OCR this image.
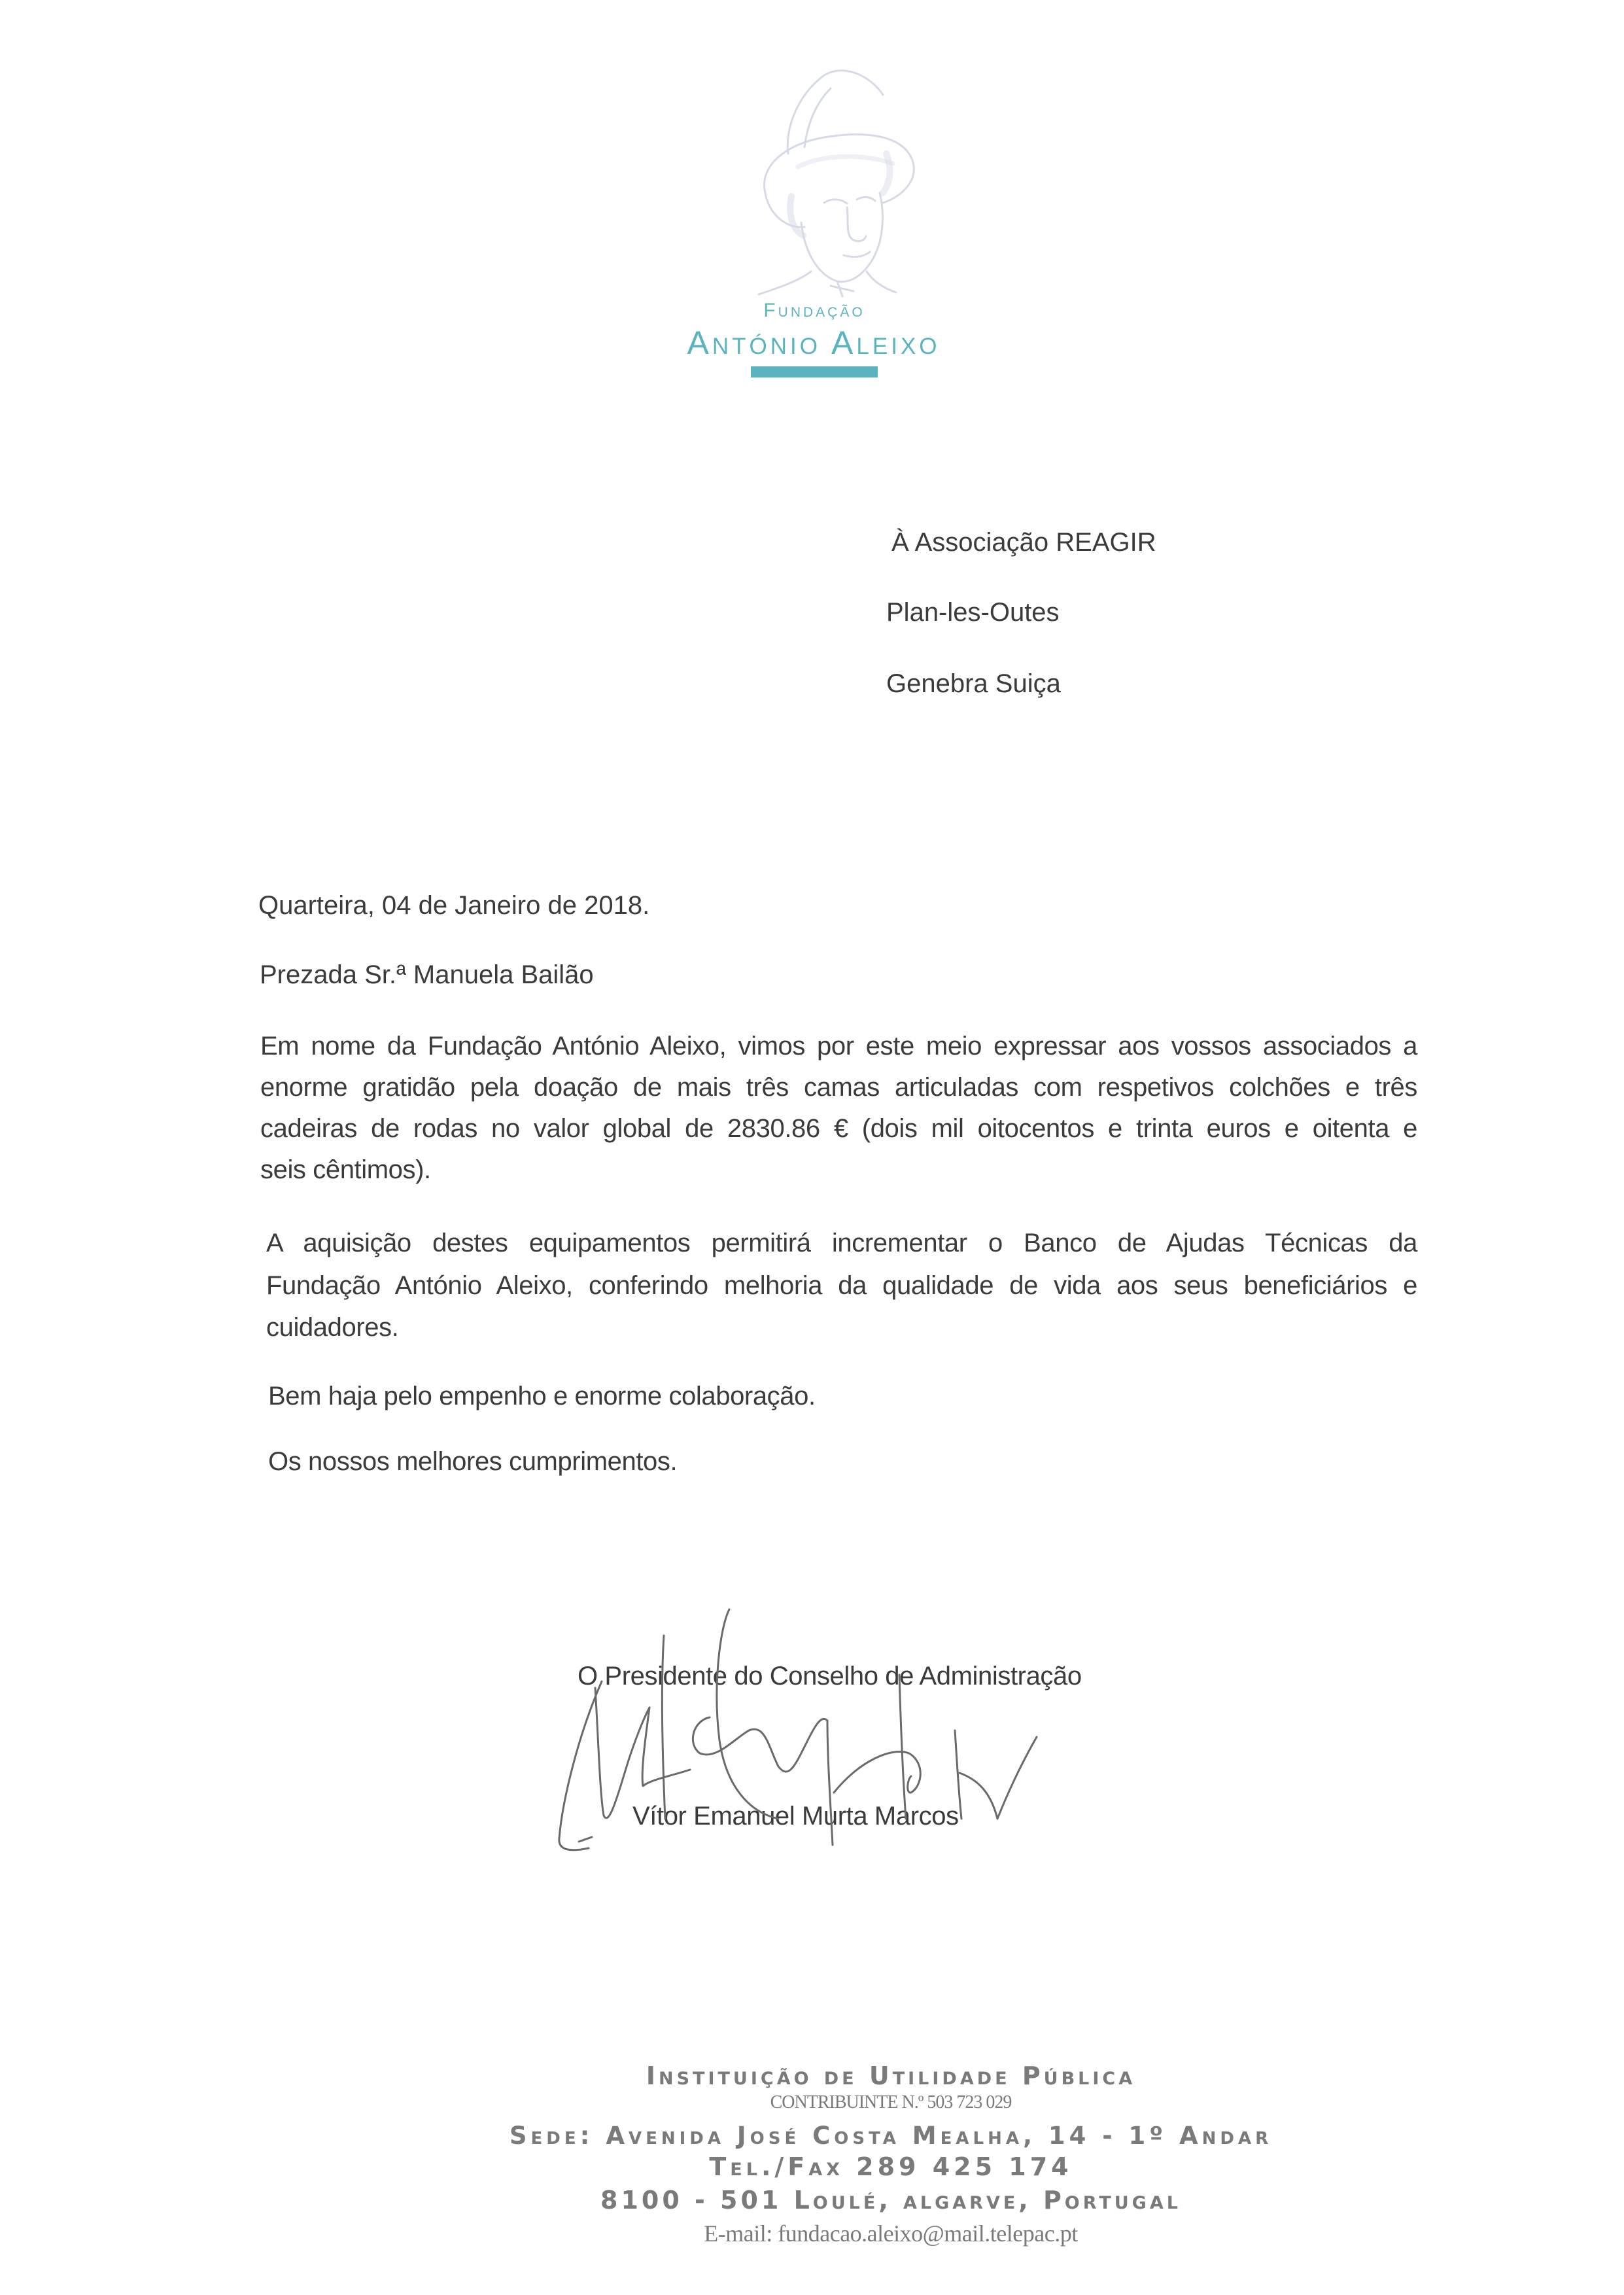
Fundação
António Aleixo
À Associação REAGIR
Plan-les-Outes
Genebra Suiça
Quarteira, 04 de Janeiro de 2018.
Prezada Sr.ª Manuela Bailão
Em nome da Fundação António Aleixo, vimos por este meio expressar aos vossos associados a
enorme gratidão pela doação de mais três camas articuladas com respetivos colchões e três
cadeiras de rodas no valor global de 2830.86 € (dois mil oitocentos e trinta euros e oitenta e
seis cêntimos).
A aquisição destes equipamentos permitirá incrementar o Banco de Ajudas Técnicas da
Fundação António Aleixo, conferindo melhoria da qualidade de vida aos seus beneficiários e
cuidadores.
Bem haja pelo empenho e enorme colaboração.
Os nossos melhores cumprimentos.
O Presidente do Conselho de Administração
Vítor Emanuel Murta Marcos
Instituição de Utilidade Pública
CONTRIBUINTE N.º 503 723 029
Sede: Avenida José Costa Mealha, 14 - 1º Andar
Tel./Fax 289 425 174
8100 - 501 Loulé, algarve, Portugal
E-mail: fundacao.aleixo@mail.telepac.pt
